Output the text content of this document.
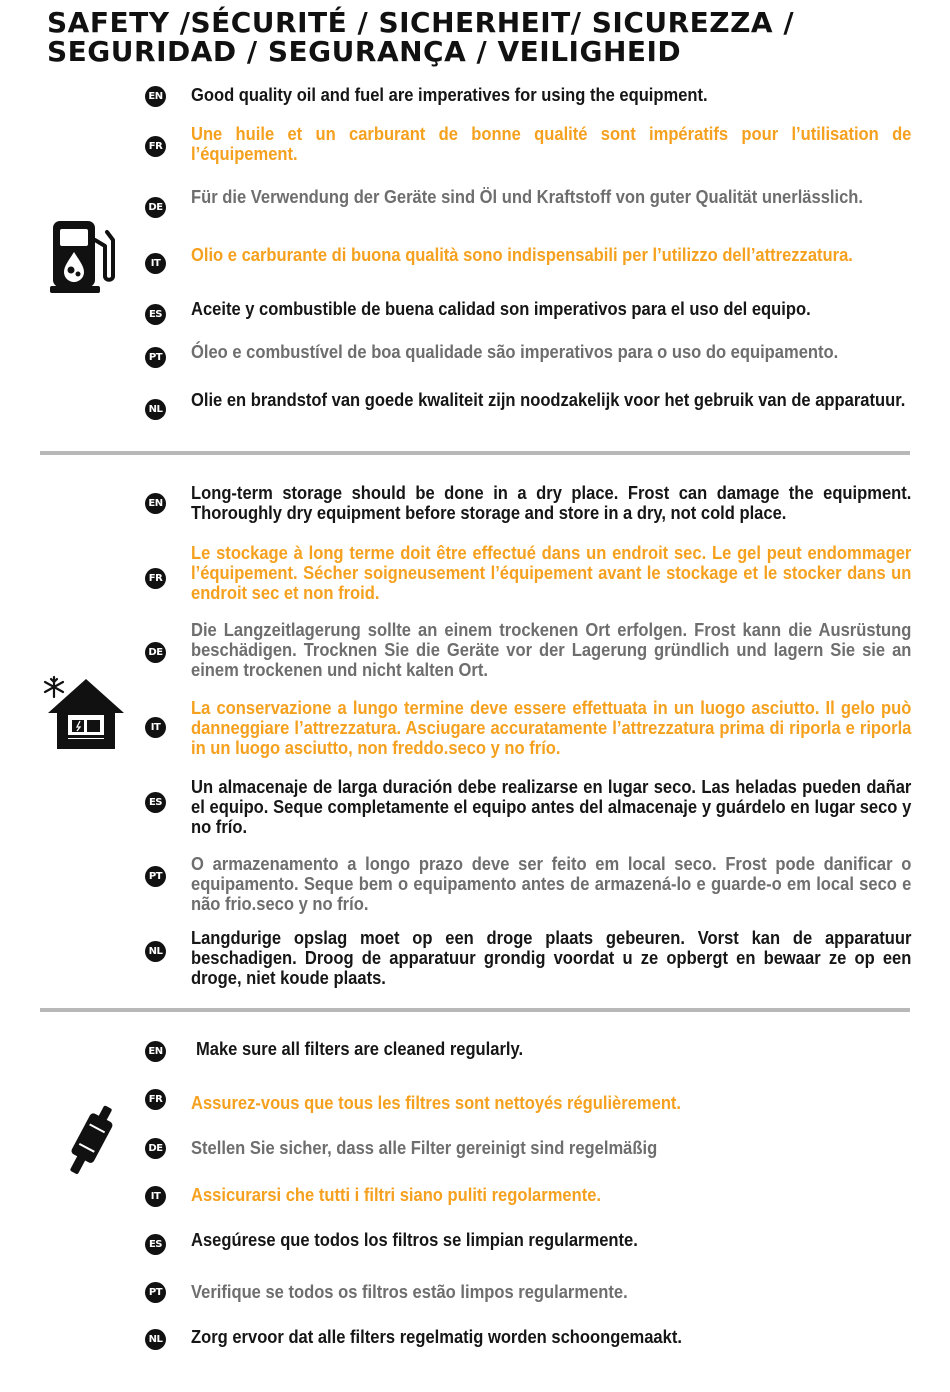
SAFETY /SÉCURITÉ / SICHERHEIT/ SICUREZZA /
SEGURIDAD / SEGURANÇA / VEILIGHEID
EN Good quality oil and fuel are imperatives for using the equipment.
FR
Une huile et un carburant de bonne qualité sont impératifs pour l’utilisation de l’équipement.
DE
Für die Verwendung der Geräte sind Öl und Kraftstoff von guter Qualität unerlässlich.
IT	Olio e carburante di buona qualità sono indispensabili per l’utilizzo dell’attrezzatura.
ES Aceite y combustible de buena calidad son imperativos para el uso del equipo.
PT Óleo e combustível de boa qualidade são imperativos para o uso do equipamento.
NL Olie en brandstof van goede kwaliteit zijn noodzakelijk voor het gebruik van de apparatuur.
EN
Long-term storage should be done in a dry place. Frost can damage the equipment. Thoroughly dry equipment before storage and store in a dry, not cold place.
FR
Le stockage à long terme doit être effectué dans un endroit sec. Le gel peut endommager l’équipement. Sécher soigneusement l’équipement avant le stockage et le stocker dans un endroit sec et non froid.
DE
Die Langzeitlagerung sollte an einem trockenen Ort erfolgen. Frost kann die Ausrüstung beschädigen. Trocknen Sie die Geräte vor der Lagerung gründlich und lagern Sie sie an einem trockenen und nicht kalten Ort.
IT
La conservazione a lungo termine deve essere effettuata in un luogo asciutto. Il gelo può danneggiare l’attrezzatura. Asciugare accuratamente l’attrezzatura prima di riporla e riporla in un luogo asciutto, non freddo.seco y no frío.
ES
Un almacenaje de larga duración debe realizarse en lugar seco. Las heladas pueden dañar el equipo. Seque completamente el equipo antes del almacenaje y guárdelo en lugar seco y no frío.
PT
O armazenamento a longo prazo deve ser feito em local seco. Frost pode danificar o equipamento. Seque bem o equipamento antes de armazená-lo e guarde-o em local seco e não frio.seco y no frío.
NL
Langdurige opslag moet op een droge plaats gebeuren. Vorst kan de apparatuur beschadigen. Droog de apparatuur grondig voordat u ze opbergt en bewaar ze op een droge, niet koude plaats.
EN Make sure all filters are cleaned regularly.
FR Assurez-vous que tous les filtres sont nettoyés régulièrement.
DE Stellen Sie sicher, dass alle Filter gereinigt sind regelmäßig
IT	Assicurarsi che tutti i filtri siano puliti regolarmente.
ES Asegúrese que todos los filtros se limpian regularmente.
PT Verifique se todos os filtros estão limpos regularmente.
NL Zorg ervoor dat alle filters regelmatig worden schoongemaakt.
